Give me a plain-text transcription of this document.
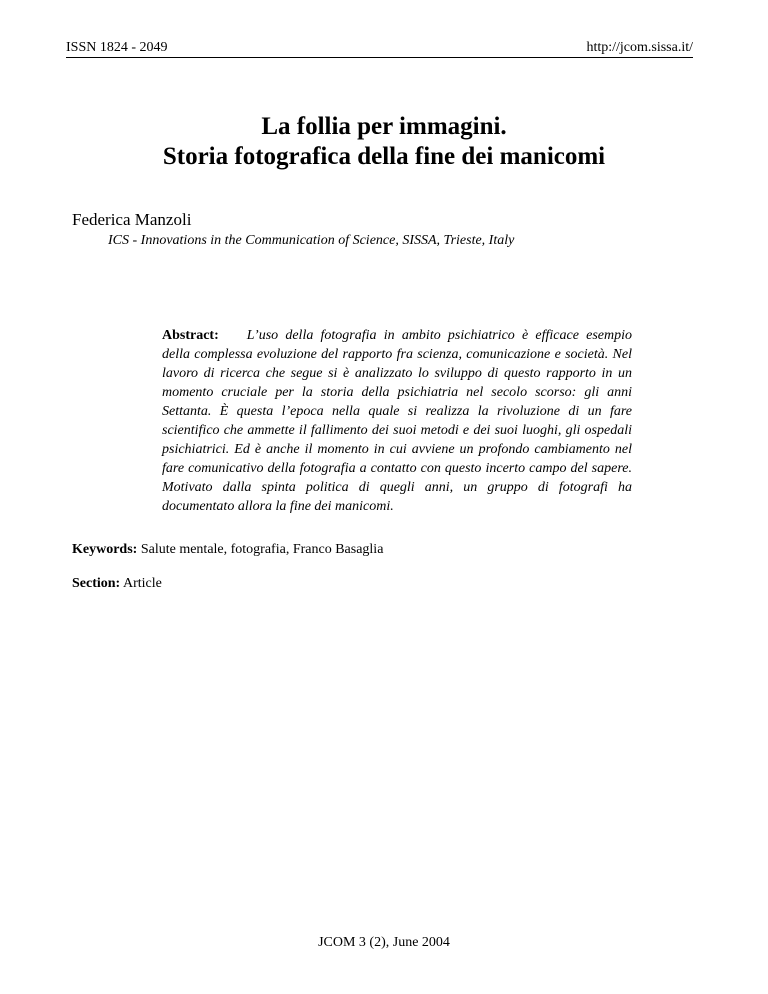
ISSN 1824 - 2049	http://jcom.sissa.it/
La follia per immagini.
Storia fotografica della fine dei manicomi
Federica Manzoli
ICS - Innovations in the Communication of Science, SISSA, Trieste, Italy
Abstract: L’uso della fotografia in ambito psichiatrico è efficace esempio della complessa evoluzione del rapporto fra scienza, comunicazione e società. Nel lavoro di ricerca che segue si è analizzato lo sviluppo di questo rapporto in un momento cruciale per la storia della psichiatria nel secolo scorso: gli anni Settanta. È questa l’epoca nella quale si realizza la rivoluzione di un fare scientifico che ammette il fallimento dei suoi metodi e dei suoi luoghi, gli ospedali psichiatrici. Ed è anche il momento in cui avviene un profondo cambiamento nel fare comunicativo della fotografia a contatto con questo incerto campo del sapere. Motivato dalla spinta politica di quegli anni, un gruppo di fotografi ha documentato allora la fine dei manicomi.
Keywords: Salute mentale, fotografia, Franco Basaglia
Section: Article
JCOM 3 (2), June 2004
